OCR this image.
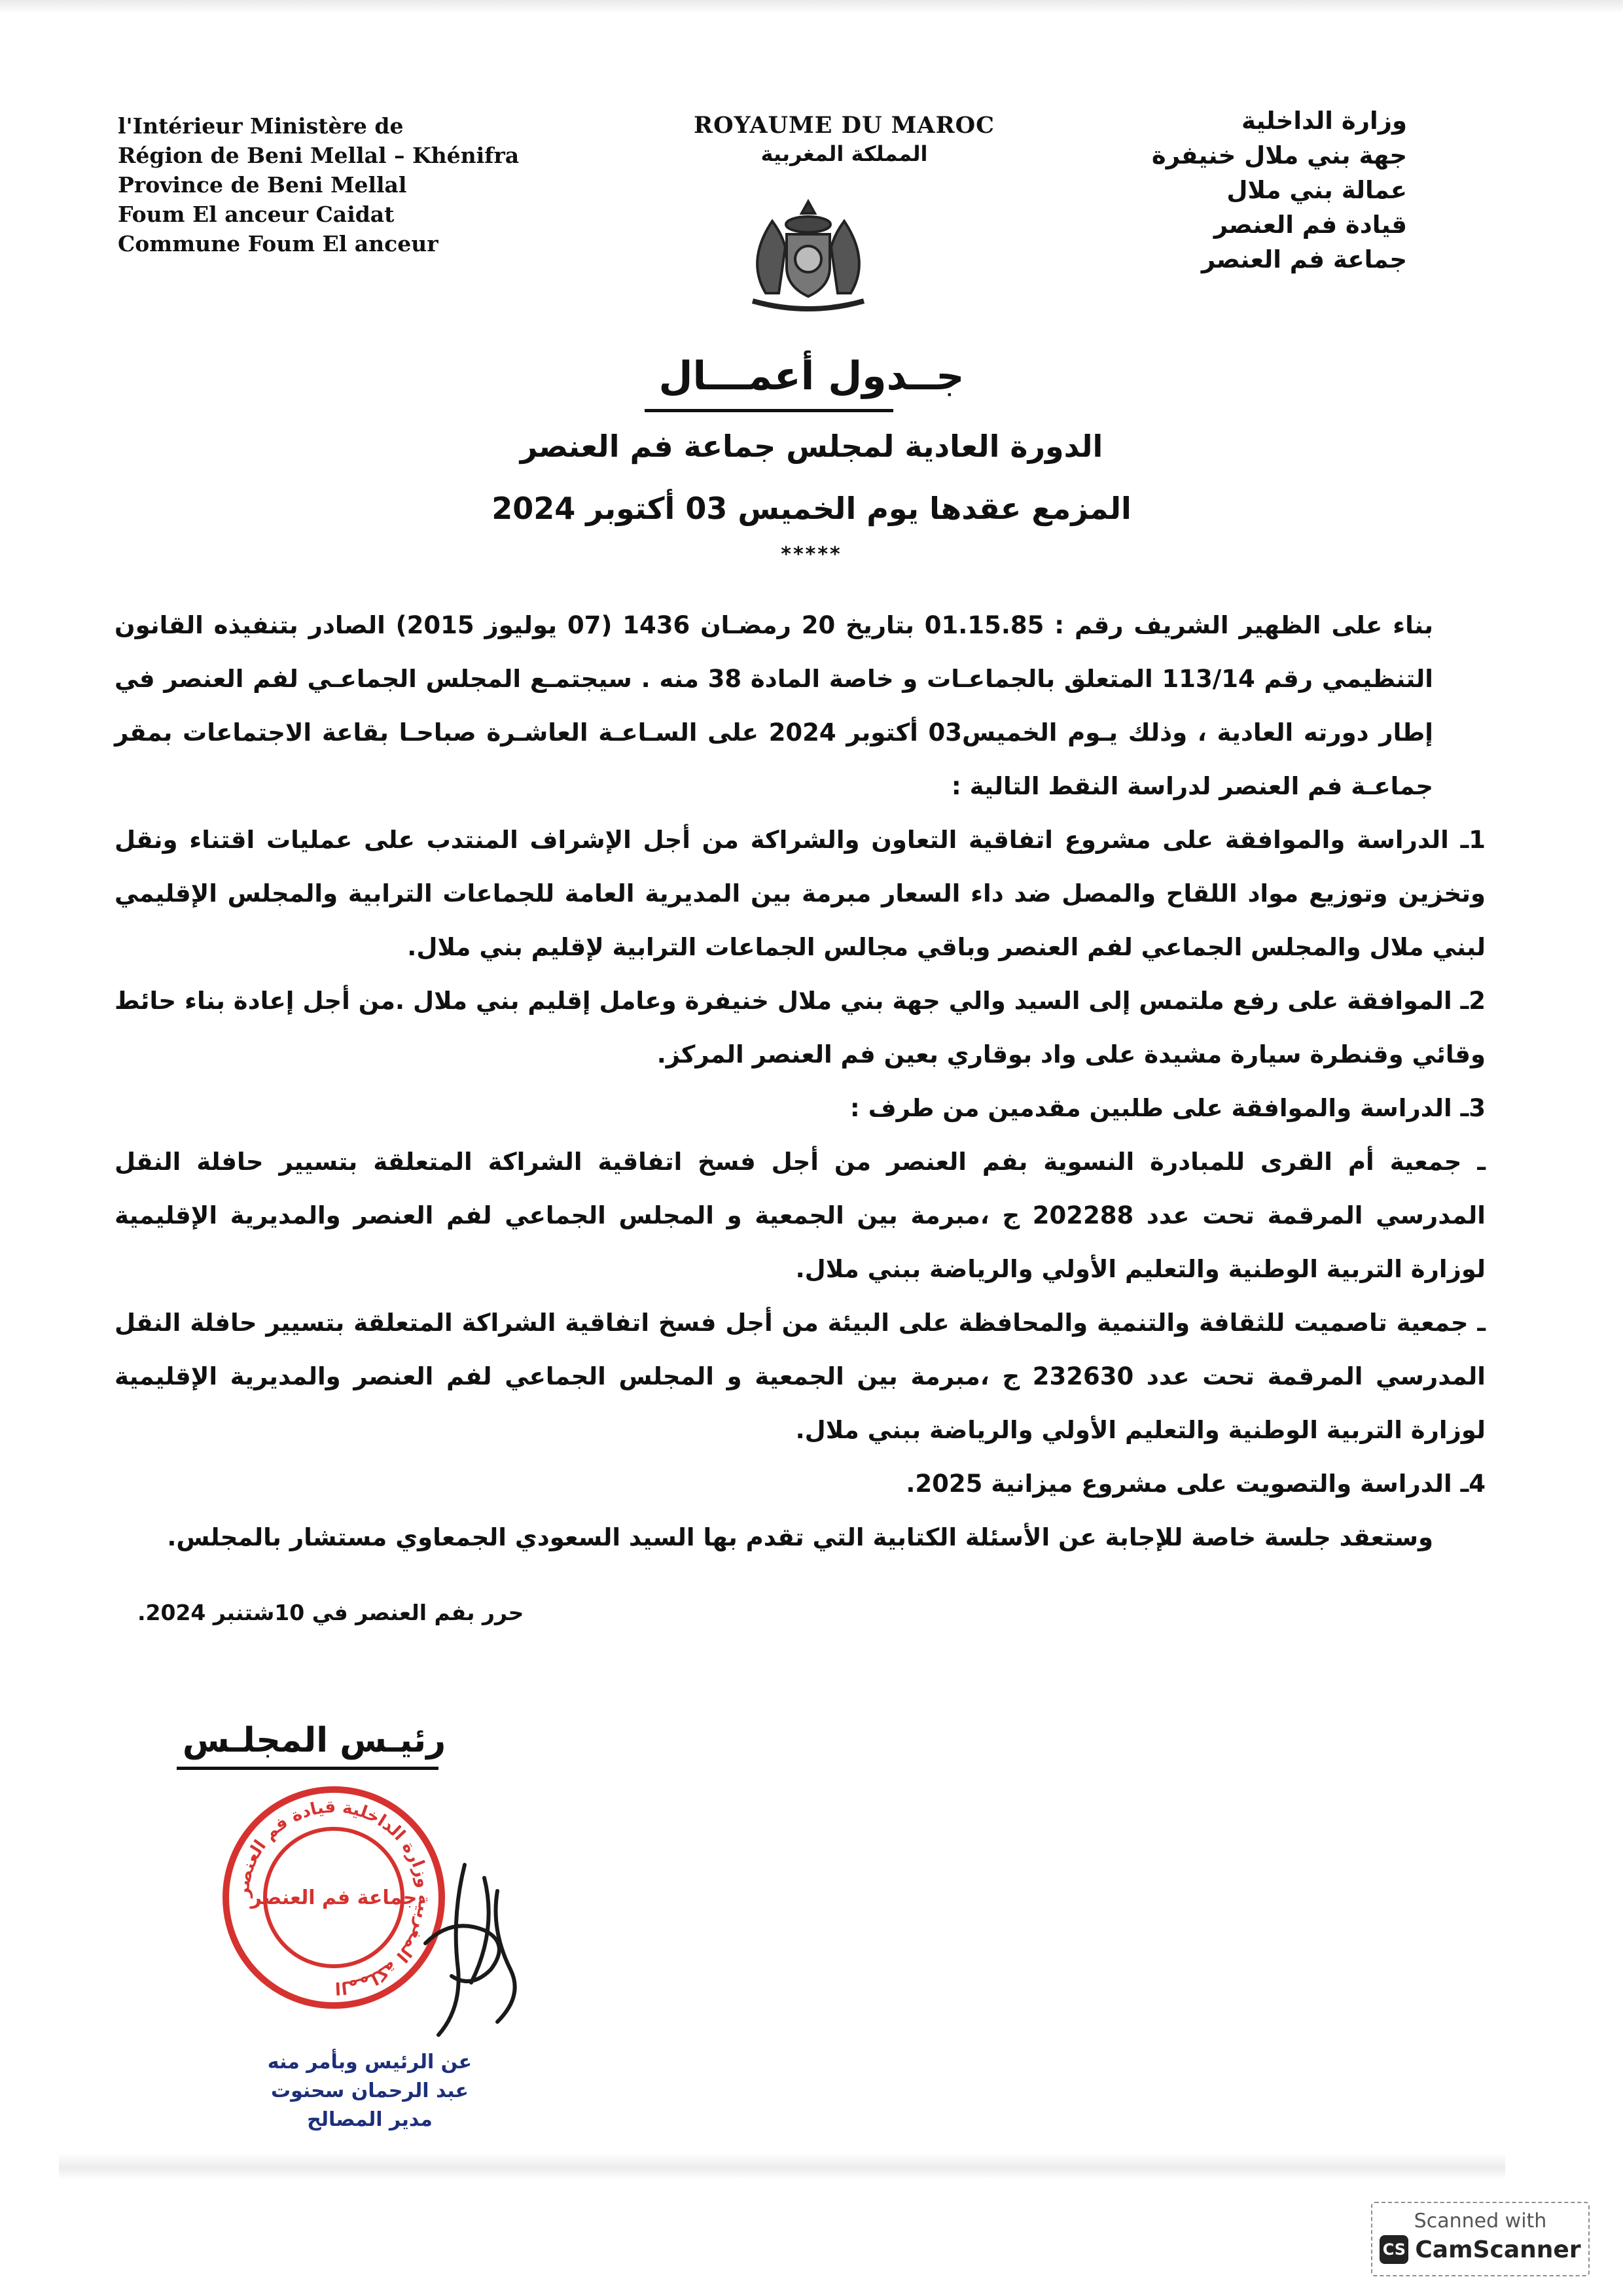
l'Intérieur Ministère de
Région de Beni Mellal – Khénifra
Province de Beni Mellal
Foum El anceur Caidat
Commune Foum El anceur
ROYAUME DU MAROC
المملكة المغربية
وزارة الداخلية
جهة بني ملال خنيفرة
عمالة بني ملال
قيادة فم العنصر
جماعة فم العنصر
جــدول أعمـــال
الدورة العادية لمجلس جماعة فم العنصر
المزمع عقدها يوم الخميس 03 أكتوبر 2024
*****

بناء على الظهير الشريف رقم : 01.15.85 بتاريخ 20 رمضـان 1436 (07 يوليوز 2015) الصادر بتنفيذه القانون التنظيمي رقم 113/14 المتعلق بالجماعـات و خاصة المادة 38 منه . سيجتمـع المجلس الجماعـي لفم العنصر في إطار دورته العادية ، وذلك يـوم الخميس03 أكتوبر 2024 على السـاعـة العاشـرة صباحـا بقاعة الاجتماعات بمقر جماعـة فم العنصر لدراسة النقط التالية :

1ـ الدراسة والموافقة على مشروع اتفاقية التعاون والشراكة من أجل الإشراف المنتدب على عمليات اقتناء ونقل وتخزين وتوزيع مواد اللقاح والمصل ضد داء السعار مبرمة بين المديرية العامة للجماعات الترابية والمجلس الإقليمي لبني ملال والمجلس الجماعي لفم العنصر وباقي مجالس الجماعات الترابية لإقليم بني ملال.

2ـ الموافقة على رفع ملتمس إلى السيد والي جهة بني ملال خنيفرة وعامل إقليم بني ملال .من أجل إعادة بناء حائط وقائي وقنطرة سيارة مشيدة على واد بوقاري بعين فم العنصر المركز.

3ـ الدراسة والموافقة على طلبين مقدمين من طرف :

ـ جمعية أم القرى للمبادرة النسوية بفم العنصر من أجل فسخ اتفاقية الشراكة المتعلقة بتسيير حافلة النقل المدرسي المرقمة تحت عدد 202288 ج ،مبرمة بين الجمعية و المجلس الجماعي لفم العنصر والمديرية الإقليمية لوزارة التربية الوطنية والتعليم الأولي والرياضة ببني ملال.

ـ جمعية تاصميت للثقافة والتنمية والمحافظة على البيئة من أجل فسخ اتفاقية الشراكة المتعلقة بتسيير حافلة النقل المدرسي المرقمة تحت عدد 232630 ج ،مبرمة بين الجمعية و المجلس الجماعي لفم العنصر والمديرية الإقليمية لوزارة التربية الوطنية والتعليم الأولي والرياضة ببني ملال.

4ـ الدراسة والتصويت على مشروع ميزانية 2025.

وستعقد جلسة خاصة للإجابة عن الأسئلة الكتابية التي تقدم بها السيد السعودي الجمعاوي مستشار بالمجلس.

حرر بفم العنصر في 10شتنبر 2024.
رئيـس المجلـس
المملكة المغربية وزارة الداخلية قيادة فم العنصر
جماعة فم العنصر
عن الرئيس وبأمر منه
عبد الرحمان سحنوت
مدير المصالح
Scanned with
CS CamScanner
